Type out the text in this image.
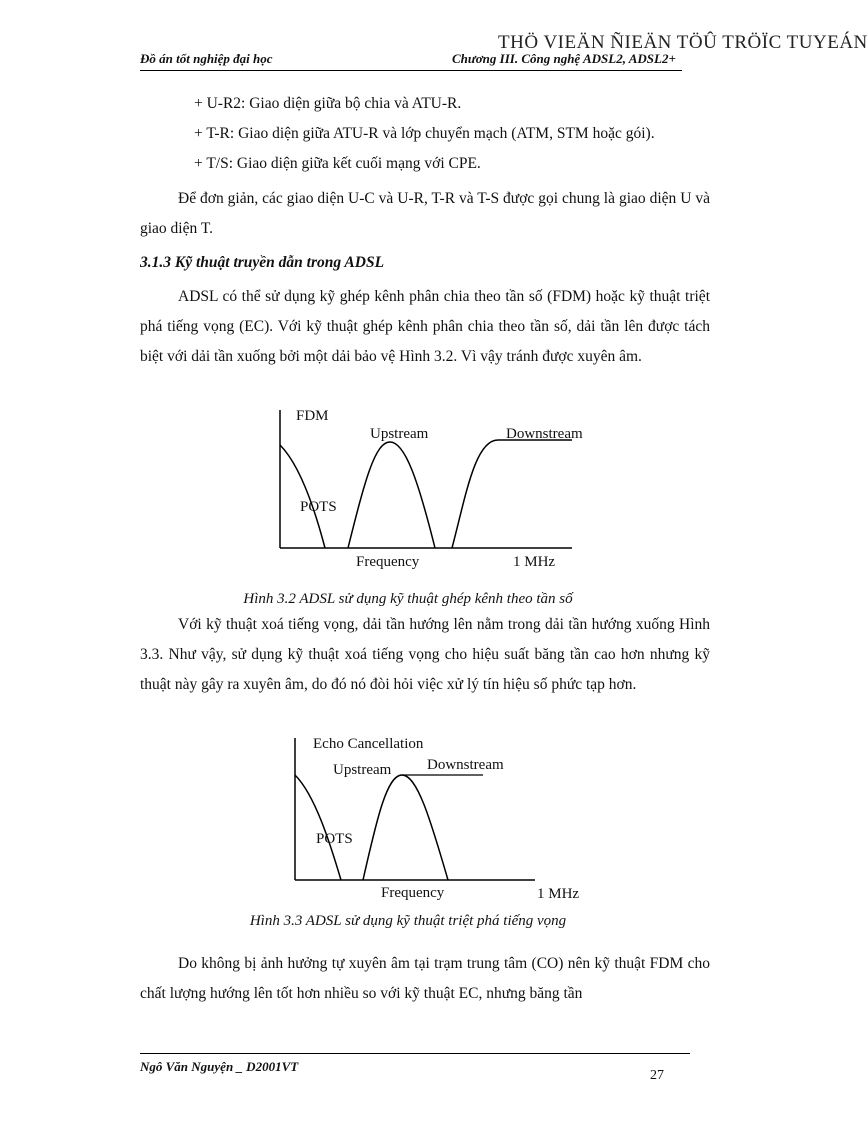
THÖ VIEÄN ÑIEÄN TÖÛ TRÖÏC TUYEÁN
Đồ án tốt nghiệp đại học	Chương III. Công nghệ ADSL2, ADSL2+
+ U-R2: Giao diện giữa bộ chia và ATU-R.
+ T-R: Giao diện giữa ATU-R và lớp chuyển mạch (ATM, STM hoặc gói).
+ T/S: Giao diện giữa kết cuối mạng với CPE.
Để đơn giản, các giao diện U-C và U-R, T-R và T-S được gọi chung là giao diện U và giao diện T.
3.1.3 Kỹ thuật truyền dẫn trong ADSL
ADSL có thể sử dụng kỹ ghép kênh phân chia theo tần số (FDM) hoặc kỹ thuật triệt phá tiếng vọng (EC). Với kỹ thuật ghép kênh phân chia theo tần số, dải tần lên được tách biệt với dải tần xuống bởi một dải bảo vệ Hình 3.2. Vì vậy tránh được xuyên âm.
FDM
Upstream	Downstream
POTS
Frequency	1 MHz
Hình 3.2 ADSL sử dụng kỹ thuật ghép kênh theo tần số
Với kỹ thuật xoá tiếng vọng, dải tần hướng lên nằm trong dải tần hướng xuống Hình 3.3. Như vậy, sử dụng kỹ thuật xoá tiếng vọng cho hiệu suất băng tần cao hơn nhưng kỹ thuật này gây ra xuyên âm, do đó nó đòi hỏi việc xử lý tín hiệu số phức tạp hơn.
Echo Cancellation
Upstream Downstream
POTS
Frequency	1 MHz
Hình 3.3 ADSL sử dụng kỹ thuật triệt phá tiếng vọng
Do không bị ảnh hưởng tự xuyên âm tại trạm trung tâm (CO) nên kỹ thuật FDM cho chất lượng hướng lên tốt hơn nhiều so với kỹ thuật EC, nhưng băng tần
Ngô Văn Nguyện _ D2001VT
27
